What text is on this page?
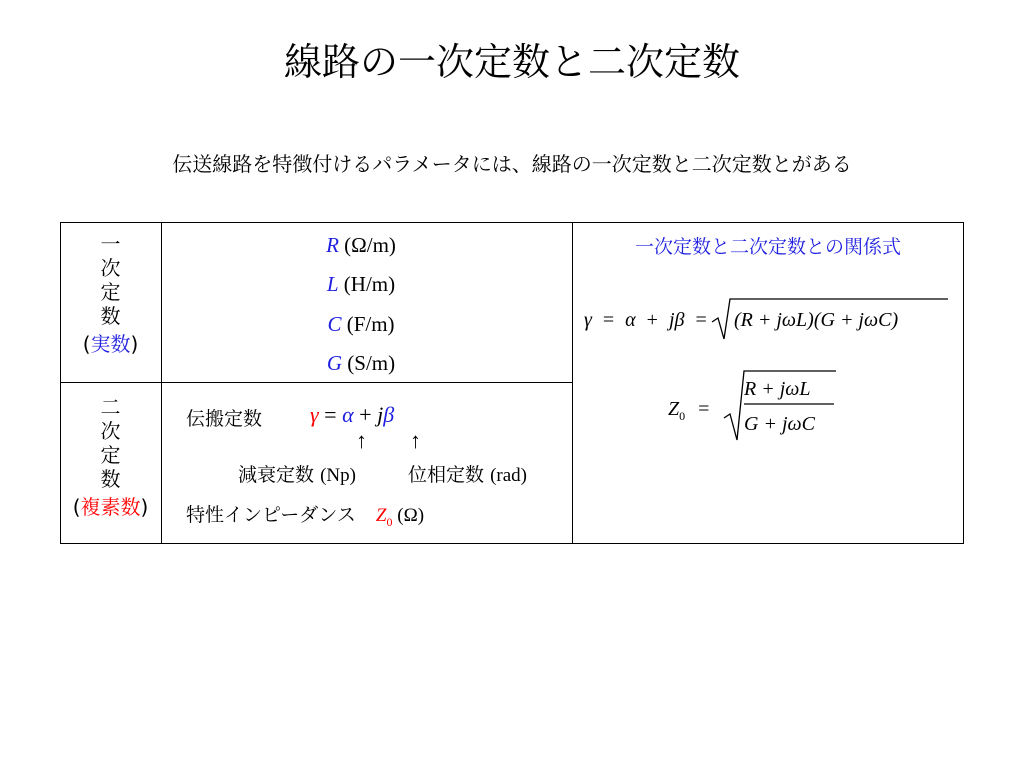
線路の一次定数と二次定数
伝送線路を特徴付けるパラメータには、線路の一次定数と二次定数とがある
一
次
定
数
(実数)
R (Ω/m)
L (H/m)
C (F/m)
G (S/m)
二
次
定
数
(複素数)
伝搬定数 γ = α + jβ
↑ ↑
減衰定数 (Np)	位相定数 (rad)
特性インピーダンス $Z_0$ (Ω)
一次定数と二次定数との関係式
γ = α + jβ = (R + jωL)(G + jωC)
$Z_0$ =
R + jωL
G + jωC
